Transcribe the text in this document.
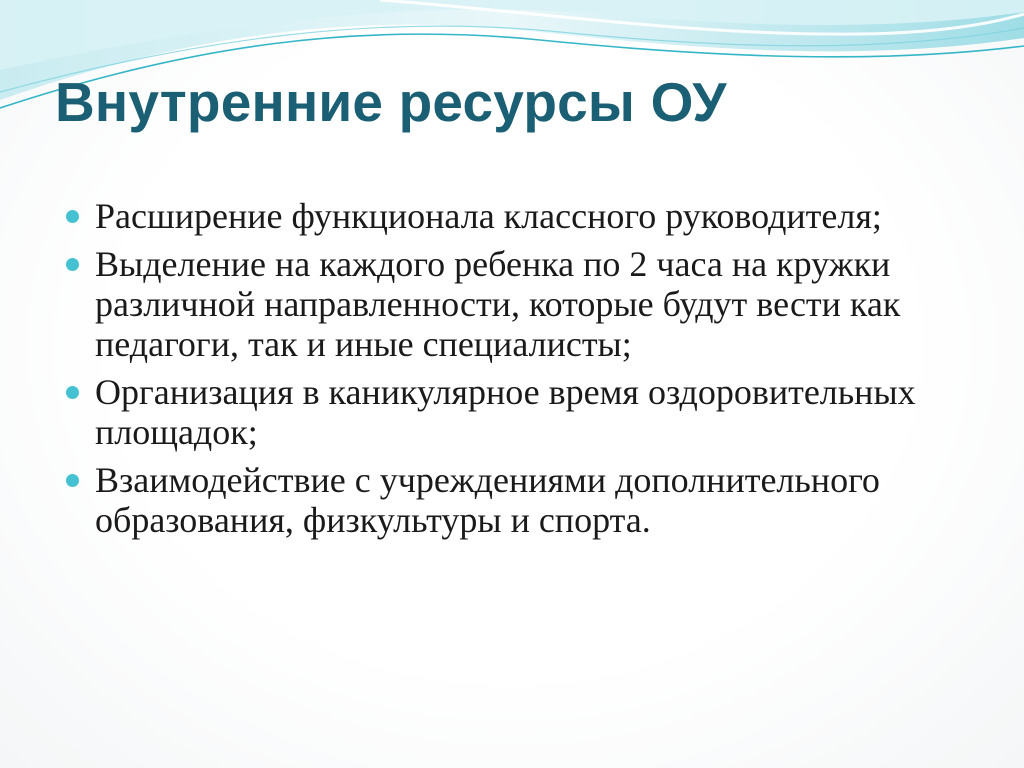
Внутренние ресурсы ОУ
Расширение функционала классного руководителя;
Выделение на каждого ребенка по 2 часа на кружки различной направленности, которые будут вести как педагоги, так и иные специалисты;
Организация в каникулярное время оздоровительных площадок;
Взаимодействие с учреждениями дополнительного образования, физкультуры и спорта.
